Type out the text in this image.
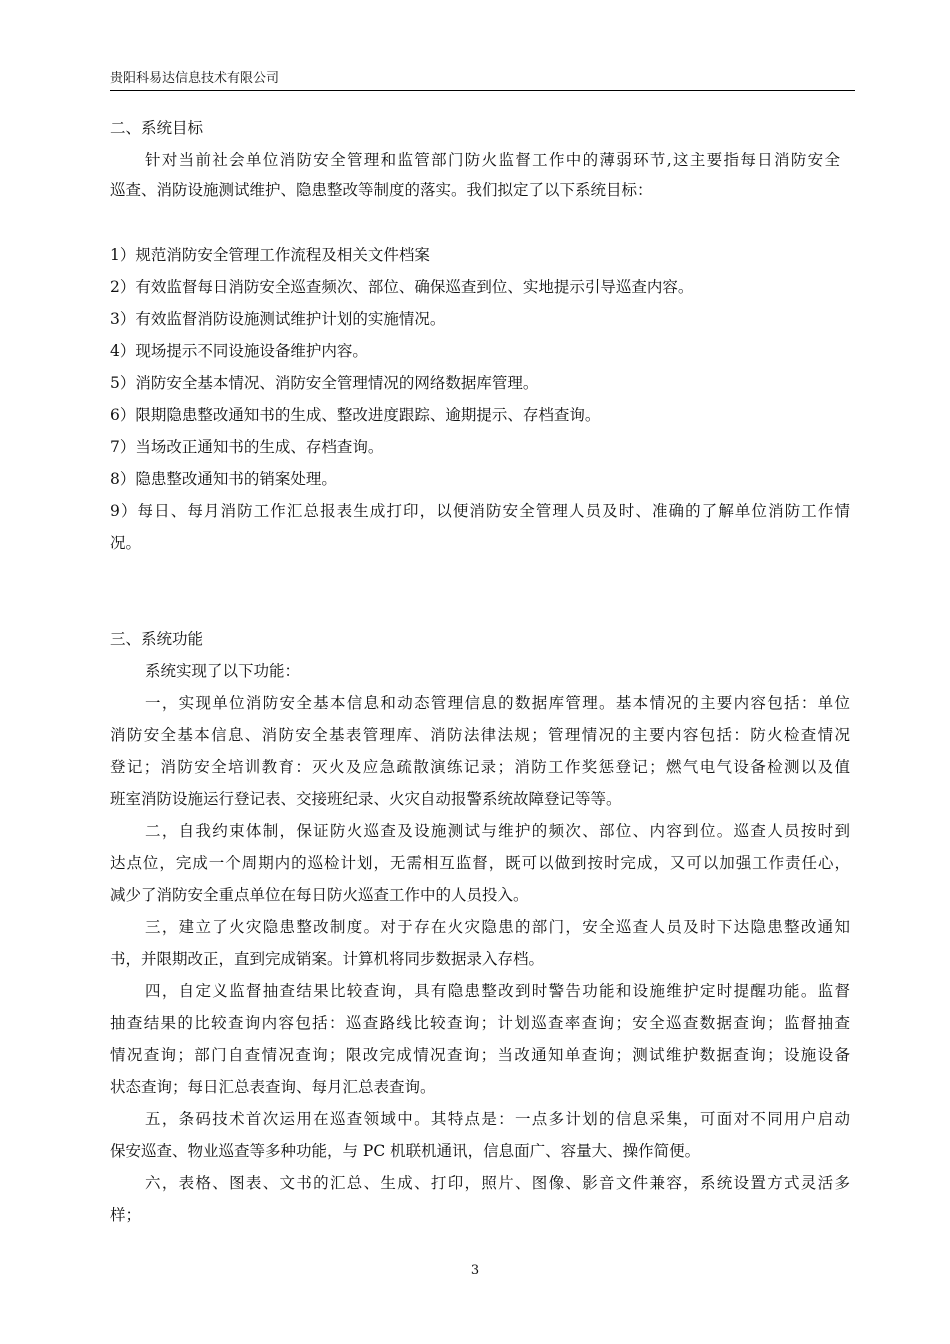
贵阳科易达信息技术有限公司
二、系统目标
针对当前社会单位消防安全管理和监管部门防火监督工作中的薄弱环节,这主要指每日消防安全
巡查、消防设施测试维护、隐患整改等制度的落实。我们拟定了以下系统目标：
1）规范消防安全管理工作流程及相关文件档案
2）有效监督每日消防安全巡查频次、部位、确保巡查到位、实地提示引导巡查内容。
3）有效监督消防设施测试维护计划的实施情况。
4）现场提示不同设施设备维护内容。
5）消防安全基本情况、消防安全管理情况的网络数据库管理。
6）限期隐患整改通知书的生成、整改进度跟踪、逾期提示、存档查询。
7）当场改正通知书的生成、存档查询。
8）隐患整改通知书的销案处理。
9）每日、每月消防工作汇总报表生成打印，以便消防安全管理人员及时、准确的了解单位消防工作情
况。
三、系统功能
系统实现了以下功能：
一，实现单位消防安全基本信息和动态管理信息的数据库管理。基本情况的主要内容包括：单位
消防安全基本信息、消防安全基表管理库、消防法律法规；管理情况的主要内容包括：防火检查情况
登记；消防安全培训教育：灭火及应急疏散演练记录；消防工作奖惩登记；燃气电气设备检测以及值
班室消防设施运行登记表、交接班纪录、火灾自动报警系统故障登记等等。
二，自我约束体制，保证防火巡查及设施测试与维护的频次、部位、内容到位。巡查人员按时到
达点位，完成一个周期内的巡检计划，无需相互监督，既可以做到按时完成，又可以加强工作责任心，
减少了消防安全重点单位在每日防火巡查工作中的人员投入。
三，建立了火灾隐患整改制度。对于存在火灾隐患的部门，安全巡查人员及时下达隐患整改通知
书，并限期改正，直到完成销案。计算机将同步数据录入存档。
四，自定义监督抽查结果比较查询，具有隐患整改到时警告功能和设施维护定时提醒功能。监督
抽查结果的比较查询内容包括：巡查路线比较查询；计划巡查率查询；安全巡查数据查询；监督抽查
情况查询；部门自查情况查询；限改完成情况查询；当改通知单查询；测试维护数据查询；设施设备
状态查询；每日汇总表查询、每月汇总表查询。
五，条码技术首次运用在巡查领域中。其特点是：一点多计划的信息采集，可面对不同用户启动
保安巡查、物业巡查等多种功能，与 PC 机联机通讯，信息面广、容量大、操作简便。
六，表格、图表、文书的汇总、生成、打印，照片、图像、影音文件兼容，系统设置方式灵活多
样；
3
